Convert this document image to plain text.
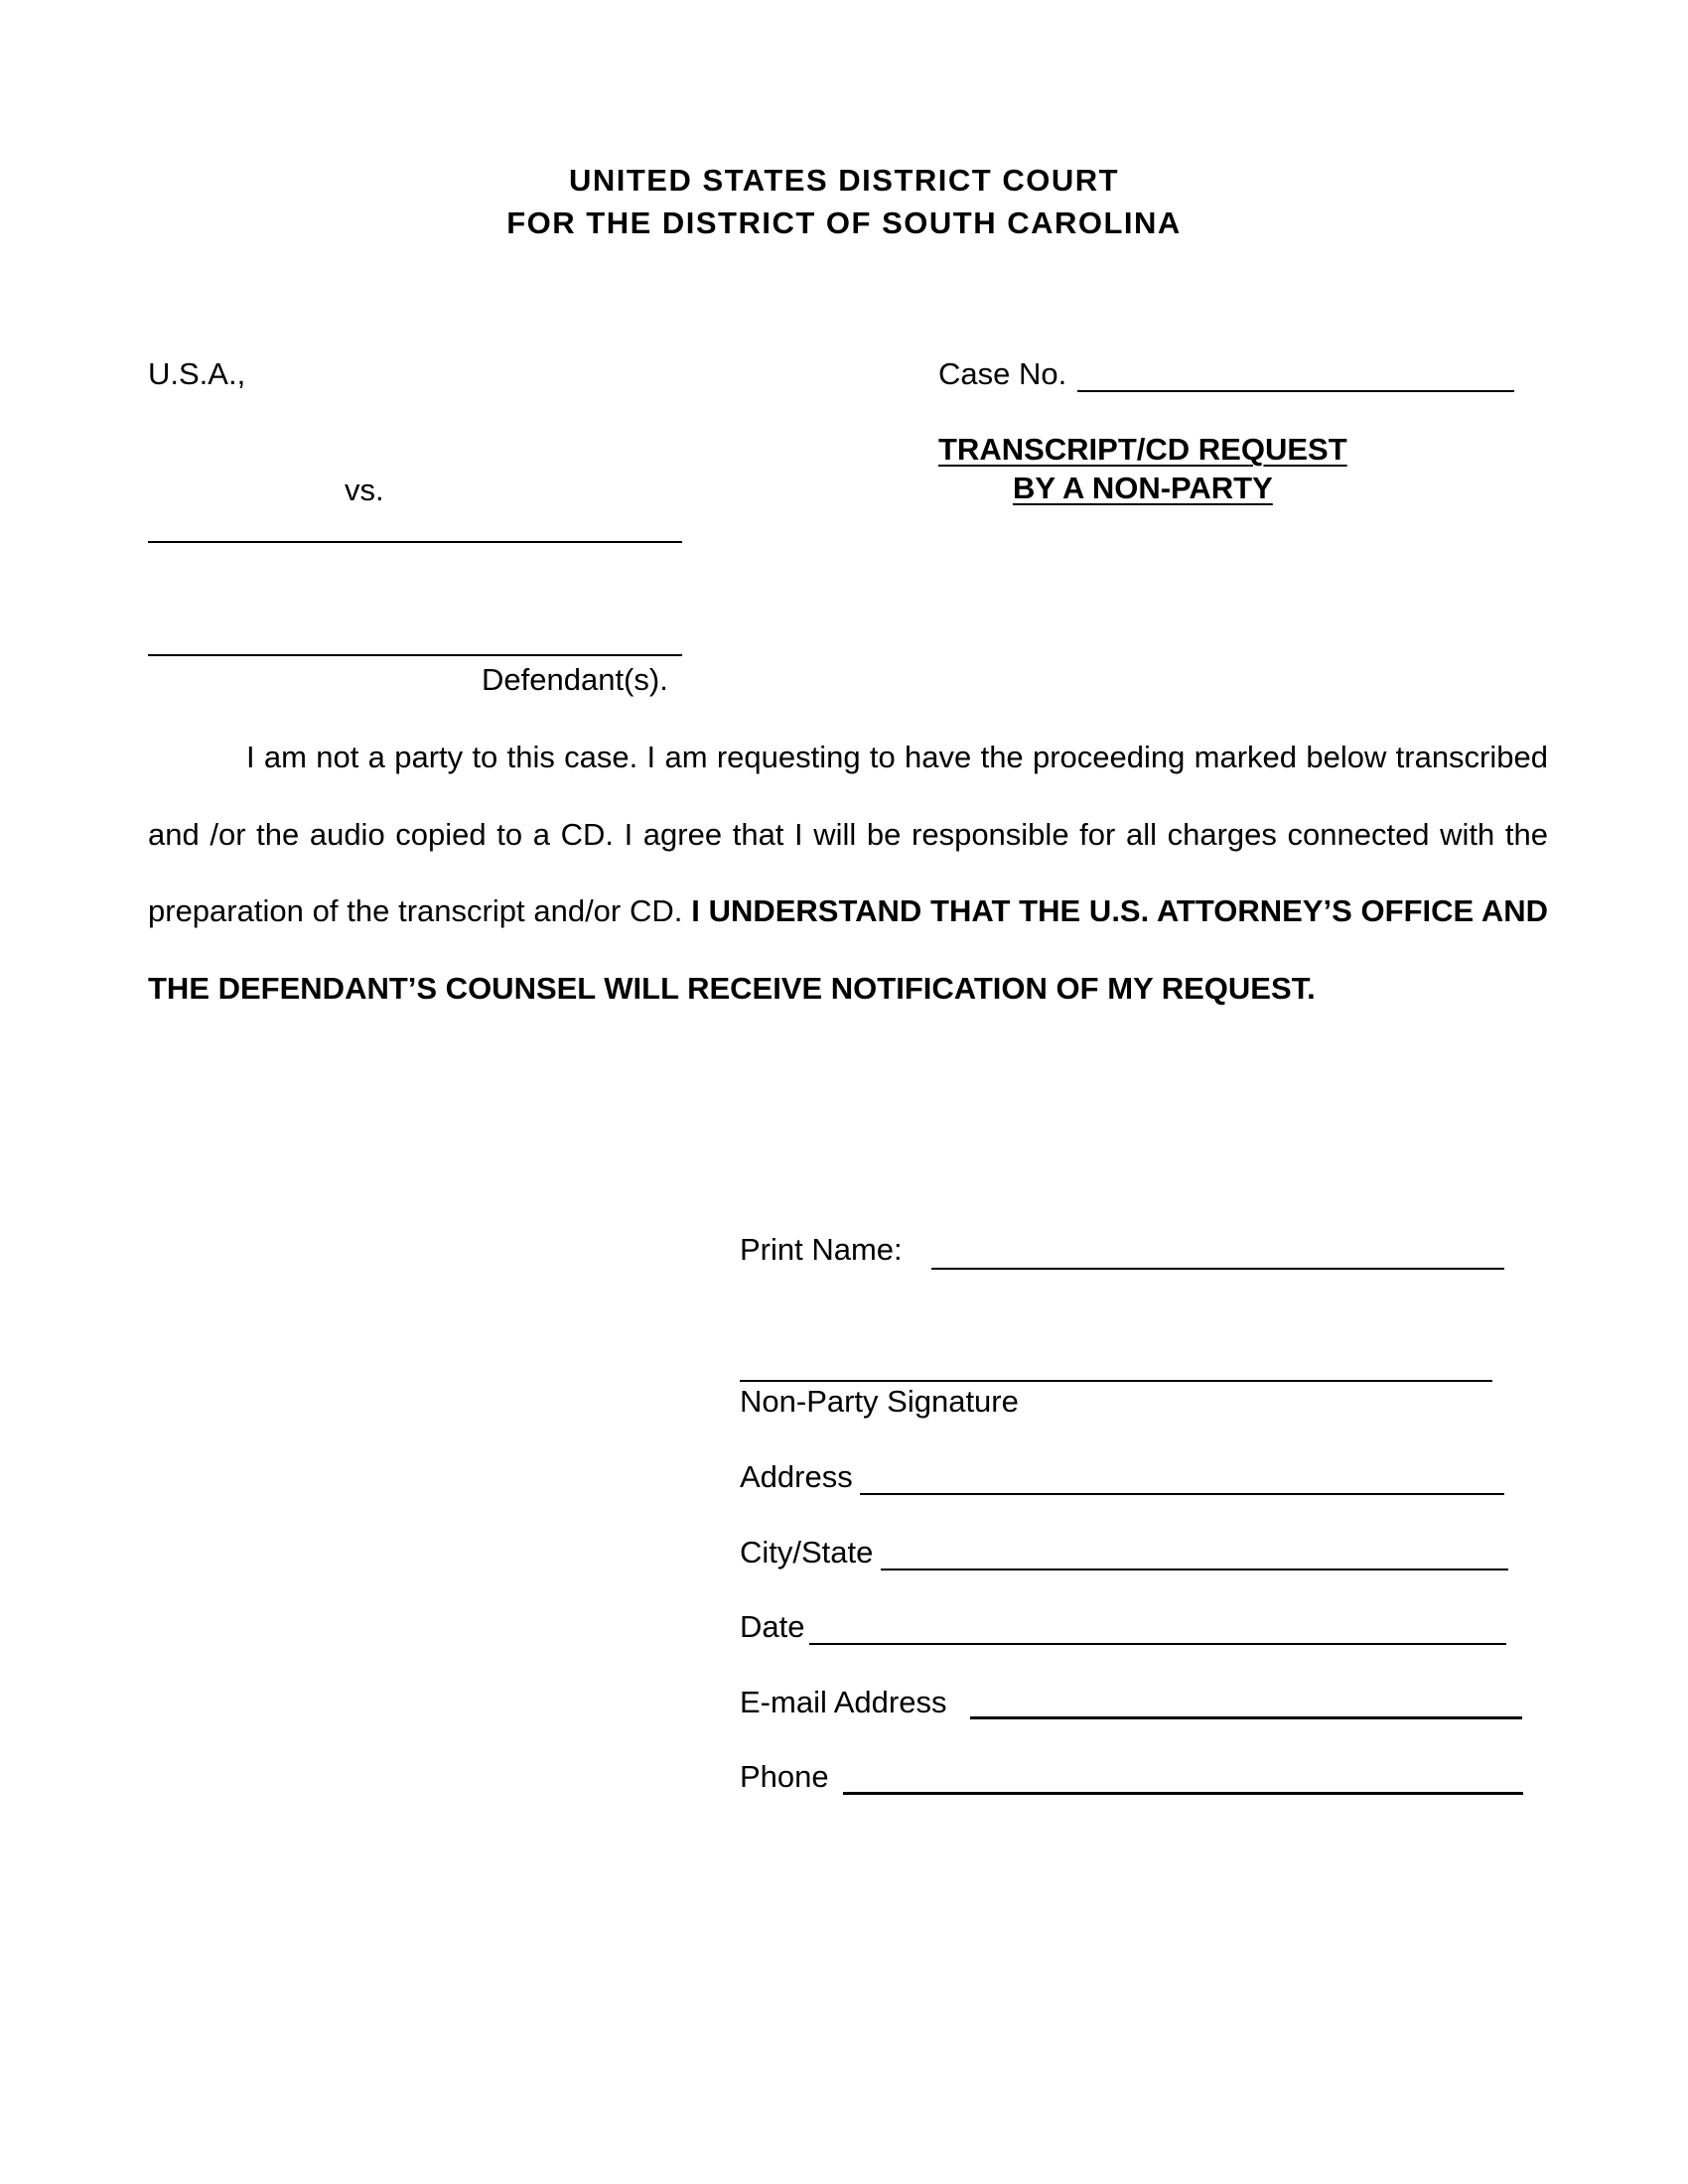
UNITED STATES DISTRICT COURT
FOR THE DISTRICT OF SOUTH CAROLINA
U.S.A.,
vs.
Defendant(s).
Case No.
TRANSCRIPT/CD REQUEST
BY A NON-PARTY
I am not a party to this case. I am requesting to have the proceeding marked below transcribed and /or the audio copied to a CD. I agree that I will be responsible for all charges connected with the preparation of the transcript and/or CD. I UNDERSTAND THAT THE U.S. ATTORNEY’S OFFICE AND THE DEFENDANT’S COUNSEL WILL RECEIVE NOTIFICATION OF MY REQUEST.
Print Name:
Non-Party Signature
Address
City/State
Date
E-mail Address
Phone
